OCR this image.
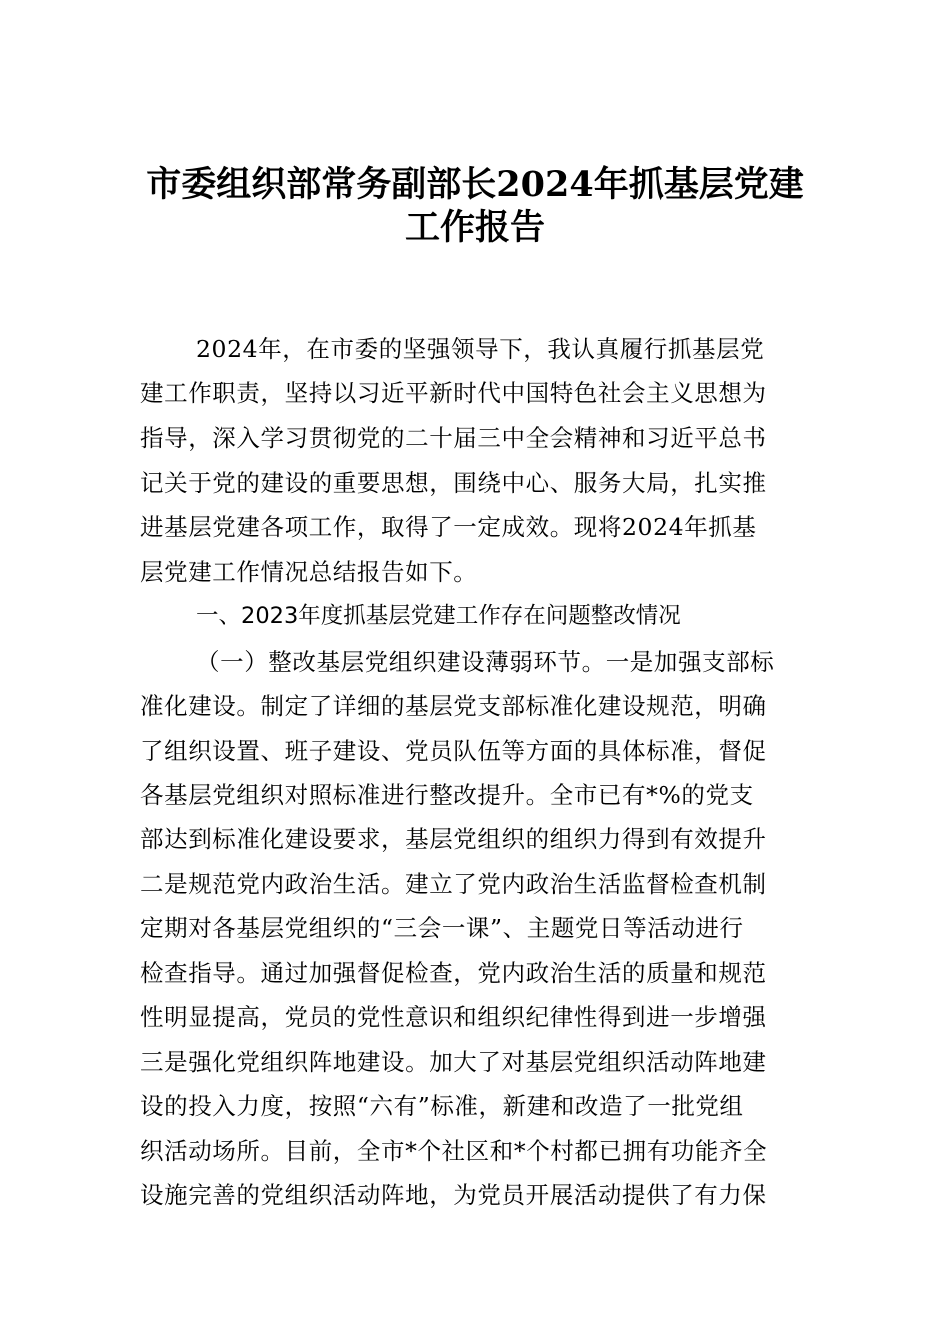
市委组织部常务副部长2024年抓基层党建
工作报告
2024年，在市委的坚强领导下，我认真履行抓基层党
建工作职责，坚持以习近平新时代中国特色社会主义思想为
指导，深入学习贯彻党的二十届三中全会精神和习近平总书
记关于党的建设的重要思想，围绕中心、服务大局，扎实推
进基层党建各项工作，取得了一定成效。现将2024年抓基
层党建工作情况总结报告如下。
一、2023年度抓基层党建工作存在问题整改情况
（一）整改基层党组织建设薄弱环节。一是加强支部标
准化建设。制定了详细的基层党支部标准化建设规范，明确
了组织设置、班子建设、党员队伍等方面的具体标准，督促
各基层党组织对照标准进行整改提升。全市已有*%的党支
部达到标准化建设要求，基层党组织的组织力得到有效提升
二是规范党内政治生活。建立了党内政治生活监督检查机制
定期对各基层党组织的“三会一课”、主题党日等活动进行
检查指导。通过加强督促检查，党内政治生活的质量和规范
性明显提高，党员的党性意识和组织纪律性得到进一步增强
三是强化党组织阵地建设。加大了对基层党组织活动阵地建
设的投入力度，按照“六有”标准，新建和改造了一批党组
织活动场所。目前，全市*个社区和*个村都已拥有功能齐全
设施完善的党组织活动阵地，为党员开展活动提供了有力保
